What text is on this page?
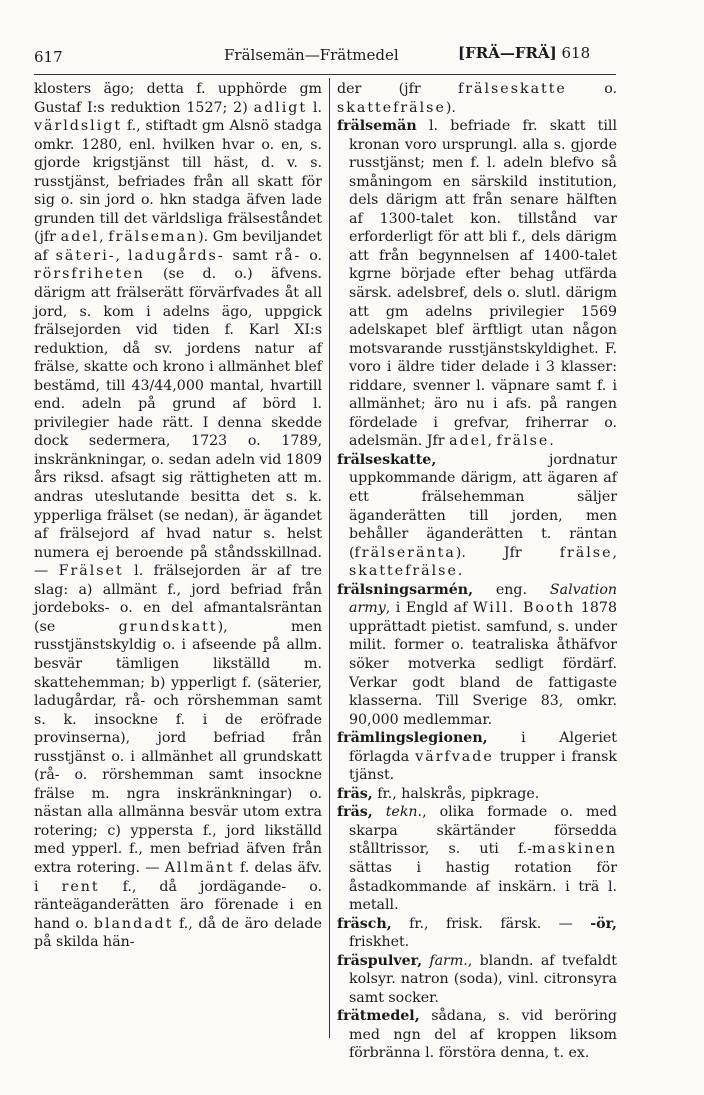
617	Frälsemän—Frätmedel	[FRÄ—FRÄ] 618

klosters ägo; detta f. upphörde gm Gustaf I:s reduktion 1527; 2) adligt l. världsligt f., stiftadt gm Alsnö stadga omkr. 1280, enl. hvilken hvar o. en, s. gjorde krigstjänst till häst, d. v. s. russtjänst, befriades från all skatt för sig o. sin jord o. hkn stadga äfven lade grunden till det världsliga frälseståndet (jfr adel, frälseman). Gm beviljandet af säteri-, ladugårds- samt rå- o. rörsfriheten (se d. o.) äfvens. därigm att frälserätt förvärfvades åt all jord, s. kom i adelns ägo, uppgick frälsejorden vid tiden f. Karl XI:s reduktion, då sv. jordens natur af frälse, skatte och krono i allmänhet blef bestämd, till 43/44,000 mantal, hvartill end. adeln på grund af börd l. privilegier hade rätt. I denna skedde dock sedermera, 1723 o. 1789, inskränkningar, o. sedan adeln vid 1809 års riksd. afsagt sig rättigheten att m. andras uteslutande besitta det s. k. ypperliga frälset (se nedan), är ägandet af frälsejord af hvad natur s. helst numera ej beroende på ståndsskillnad. — Frälset l. frälsejorden är af tre slag: a) allmänt f., jord befriad från jordeboks- o. en del afmantalsräntan (se grundskatt), men russtjänstskyldig o. i afseende på allm. besvär tämligen likställd m. skattehemman; b) ypperligt f. (säterier, ladugårdar, rå- och rörshemman samt s. k. insockne f. i de eröfrade provinserna), jord befriad från russtjänst o. i allmänhet all grundskatt (rå- o. rörshemman samt insockne frälse m. ngra inskränkningar) o. nästan alla allmänna besvär utom extra rotering; c) yppersta f., jord likställd med ypperl. f., men befriad äfven från extra rotering. — Allmänt f. delas äfv. i rent f., då jordägande- o. ränteäganderätten äro förenade i en hand o. blandadt f., då de äro delade på skilda hän-

der (jfr frälseskatte o. skattefrälse).

frälsemän l. befriade fr. skatt till kronan voro ursprungl. alla s. gjorde russtjänst; men f. l. adeln blefvo så småningom en särskild institution, dels därigm att från senare hälften af 1300-talet kon. tillstånd var erforderligt för att bli f., dels därigm att från begynnelsen af 1400-talet kgrne började efter behag utfärda särsk. adelsbref, dels o. slutl. därigm att gm adelns privilegier 1569 adelskapet blef ärftligt utan någon motsvarande russtjänstskyldighet. F. voro i äldre tider delade i 3 klasser: riddare, svenner l. väpnare samt f. i allmänhet; äro nu i afs. på rangen fördelade i grefvar, friherrar o. adelsmän. Jfr adel, frälse.

frälseskatte, jordnatur uppkommande därigm, att ägaren af ett frälsehemman säljer äganderätten till jorden, men behåller äganderätten t. räntan (frälseränta). Jfr frälse, skattefrälse.

frälsningsarmén, eng. Salvation army, i Engld af Will. Booth 1878 upprättadt pietist. samfund, s. under milit. former o. teatraliska åthäfvor söker motverka sedligt fördärf. Verkar godt bland de fattigaste klasserna. Till Sverige 83, omkr. 90,000 medlemmar.

främlingslegionen, i Algeriet förlagda värfvade trupper i fransk tjänst.

fräs, fr., halskrås, pipkrage.

fräs, tekn., olika formade o. med skarpa skärtänder försedda stålltrissor, s. uti f.-maskinen sättas i hastig rotation för åstadkommande af inskärn. i trä l. metall.

fräsch, fr., frisk. färsk. — -ör, friskhet.

fräspulver, farm., blandn. af tvefaldt kolsyr. natron (soda), vinl. citronsyra samt socker.

frätmedel, sådana, s. vid beröring med ngn del af kroppen liksom förbränna l. förstöra denna, t. ex.
